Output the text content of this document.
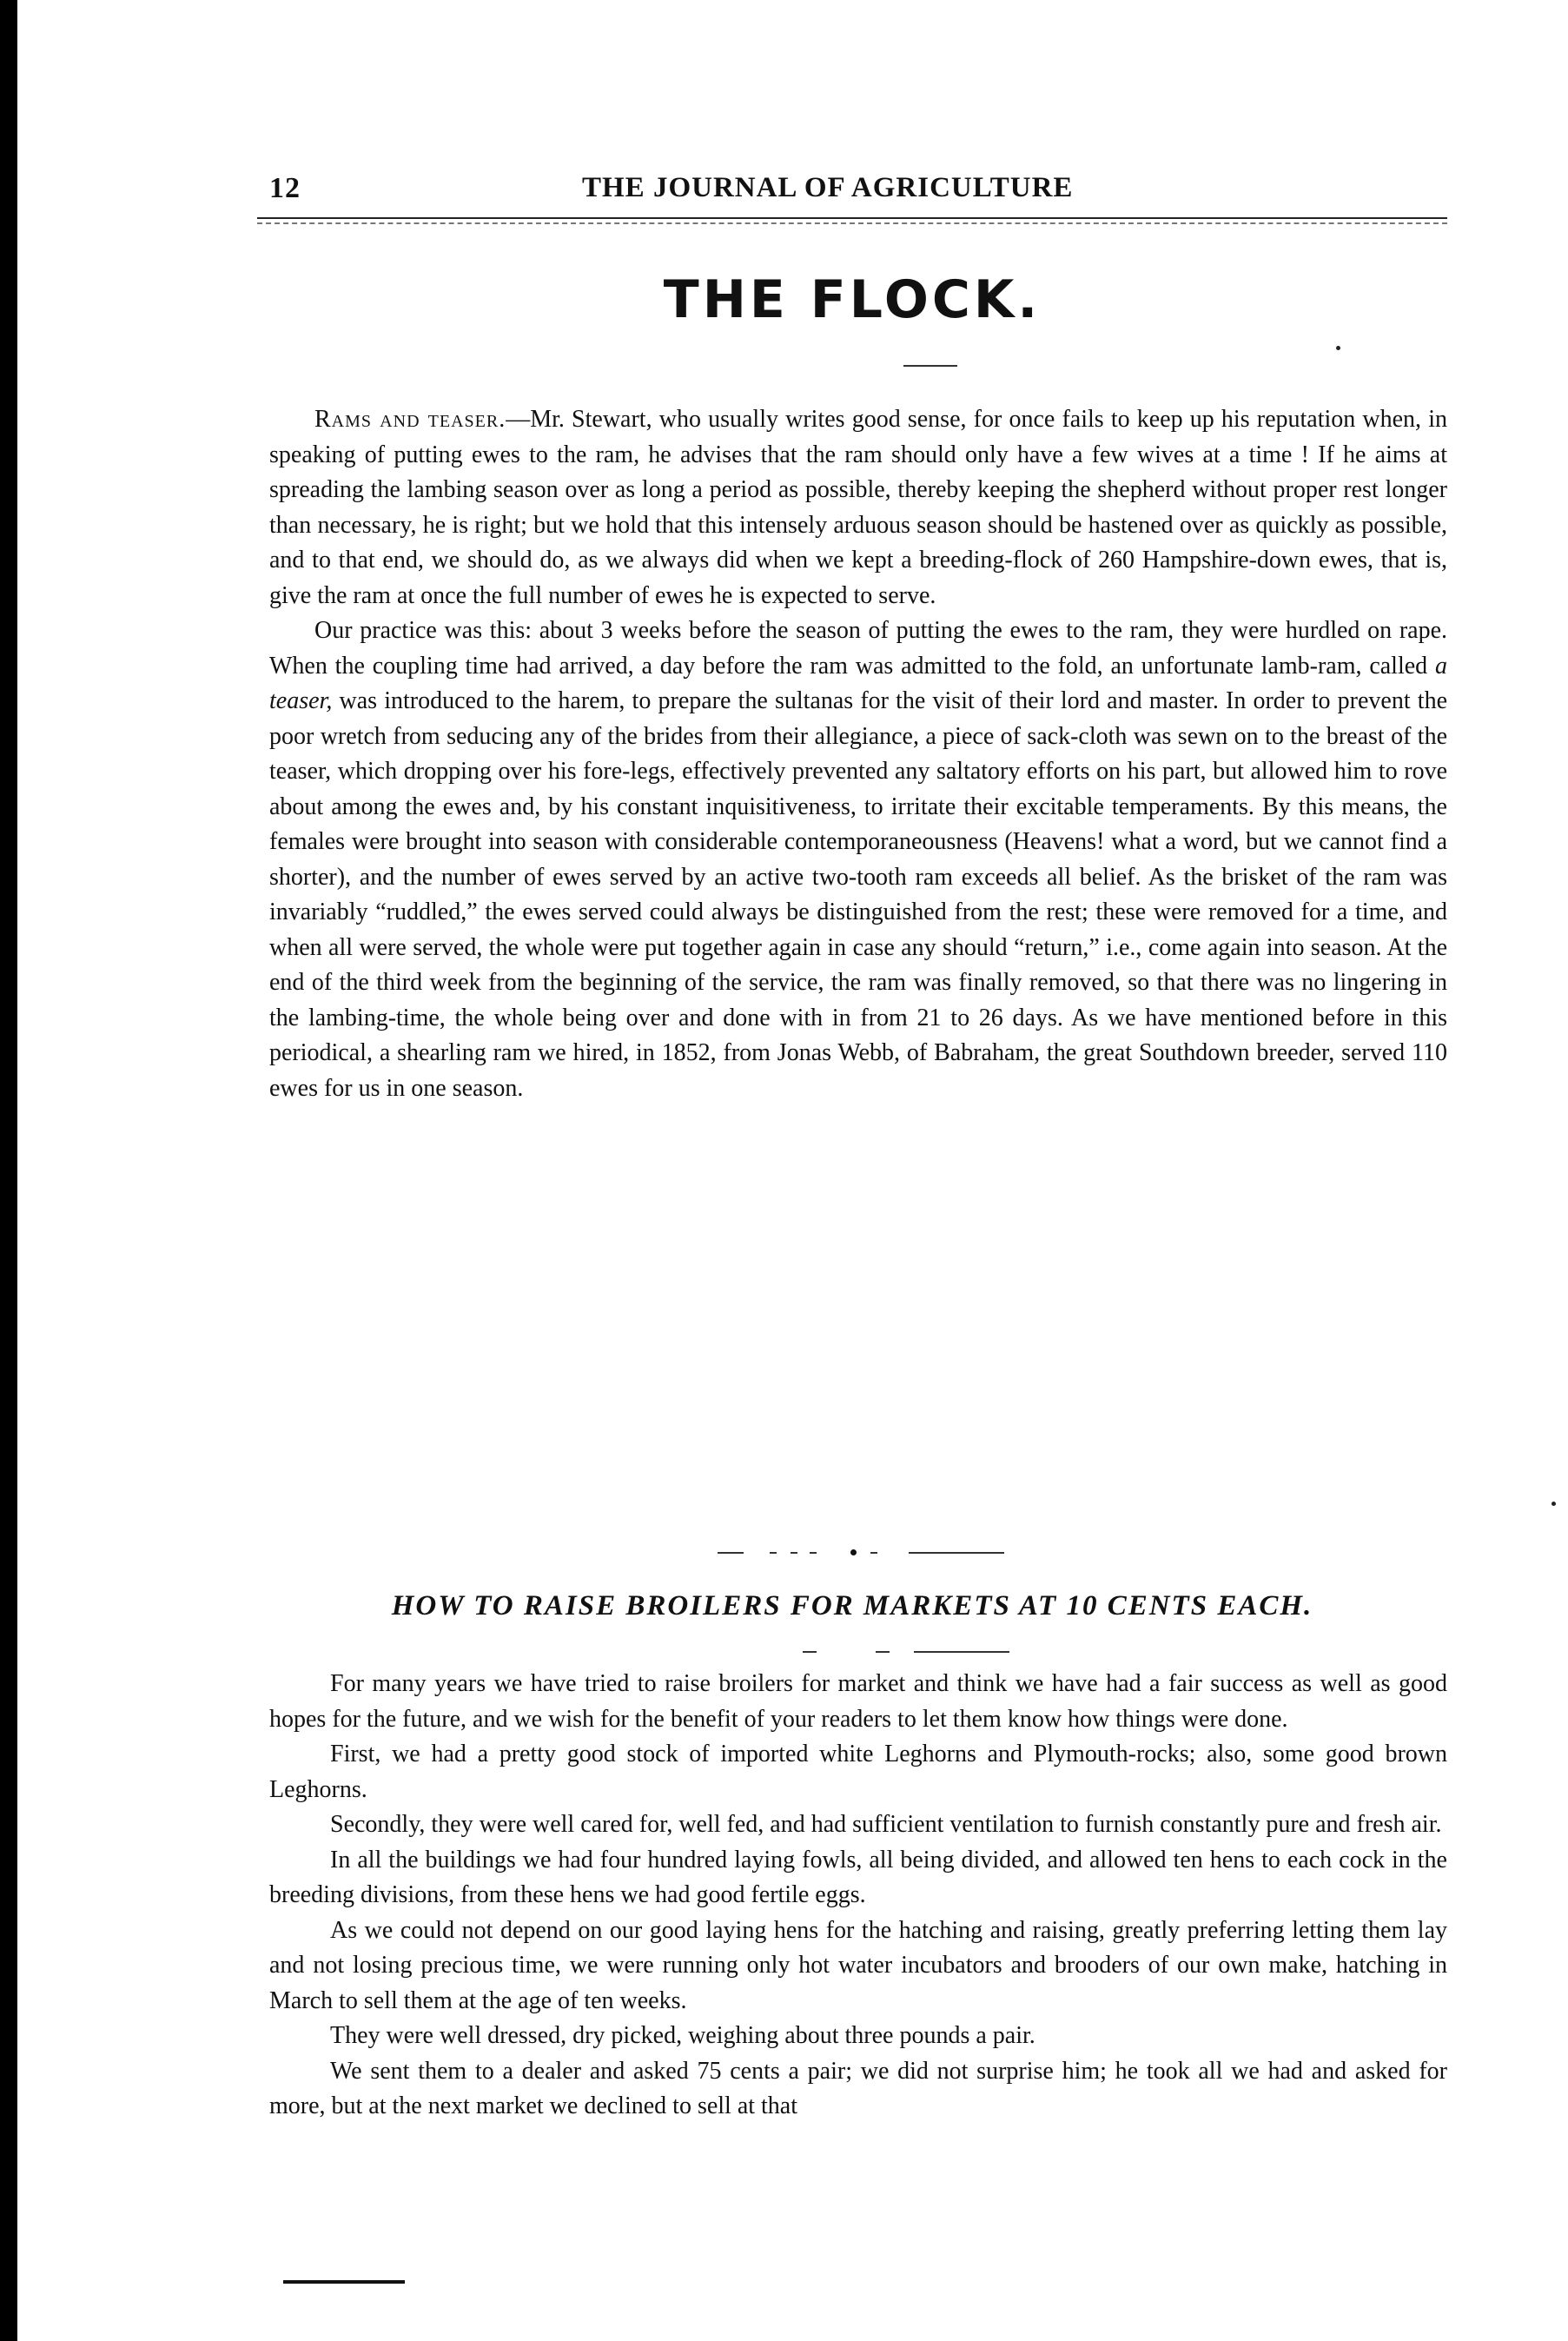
12	THE JOURNAL OF AGRICULTURE
THE FLOCK.

Rams and teaser.—Mr. Stewart, who usually writes good sense, for once fails to keep up his reputation when, in speaking of putting ewes to the ram, he advises that the ram should only have a few wives at a time ! If he aims at spreading the lambing season over as long a period as possible, thereby keeping the shepherd without proper rest longer than necessary, he is right; but we hold that this intensely arduous season should be hastened over as quickly as possible, and to that end, we should do, as we always did when we kept a breeding-flock of 260 Hampshire-down ewes, that is, give the ram at once the full number of ewes he is expected to serve.

Our practice was this: about 3 weeks before the season of putting the ewes to the ram, they were hurdled on rape. When the coupling time had arrived, a day before the ram was admitted to the fold, an unfortunate lamb-ram, called a teaser, was introduced to the harem, to prepare the sultanas for the visit of their lord and master. In order to prevent the poor wretch from seducing any of the brides from their allegiance, a piece of sack-cloth was sewn on to the breast of the teaser, which dropping over his fore-legs, effectively prevented any saltatory efforts on his part, but allowed him to rove about among the ewes and, by his constant inquisitiveness, to irritate their excitable temperaments. By this means, the females were brought into season with considerable contemporaneousness (Heavens! what a word, but we cannot find a shorter), and the number of ewes served by an active two-tooth ram exceeds all belief. As the brisket of the ram was invariably “ruddled,” the ewes served could always be distinguished from the rest; these were removed for a time, and when all were served, the whole were put together again in case any should “return,” i.e., come again into season. At the end of the third week from the beginning of the service, the ram was finally removed, so that there was no lingering in the lambing-time, the whole being over and done with in from 21 to 26 days. As we have mentioned before in this periodical, a shearling ram we hired, in 1852, from Jonas Webb, of Babraham, the great Southdown breeder, served 110 ewes for us in one season.

HOW TO RAISE BROILERS FOR MARKETS AT 10 CENTS EACH.

For many years we have tried to raise broilers for market and think we have had a fair success as well as good hopes for the future, and we wish for the benefit of your readers to let them know how things were done.

First, we had a pretty good stock of imported white Leghorns and Plymouth-rocks; also, some good brown Leghorns.

Secondly, they were well cared for, well fed, and had sufficient ventilation to furnish constantly pure and fresh air.

In all the buildings we had four hundred laying fowls, all being divided, and allowed ten hens to each cock in the breeding divisions, from these hens we had good fertile eggs.

As we could not depend on our good laying hens for the hatching and raising, greatly preferring letting them lay and not losing precious time, we were running only hot water incubators and brooders of our own make, hatching in March to sell them at the age of ten weeks.

They were well dressed, dry picked, weighing about three pounds a pair.

We sent them to a dealer and asked 75 cents a pair; we did not surprise him; he took all we had and asked for more, but at the next market we declined to sell at that
